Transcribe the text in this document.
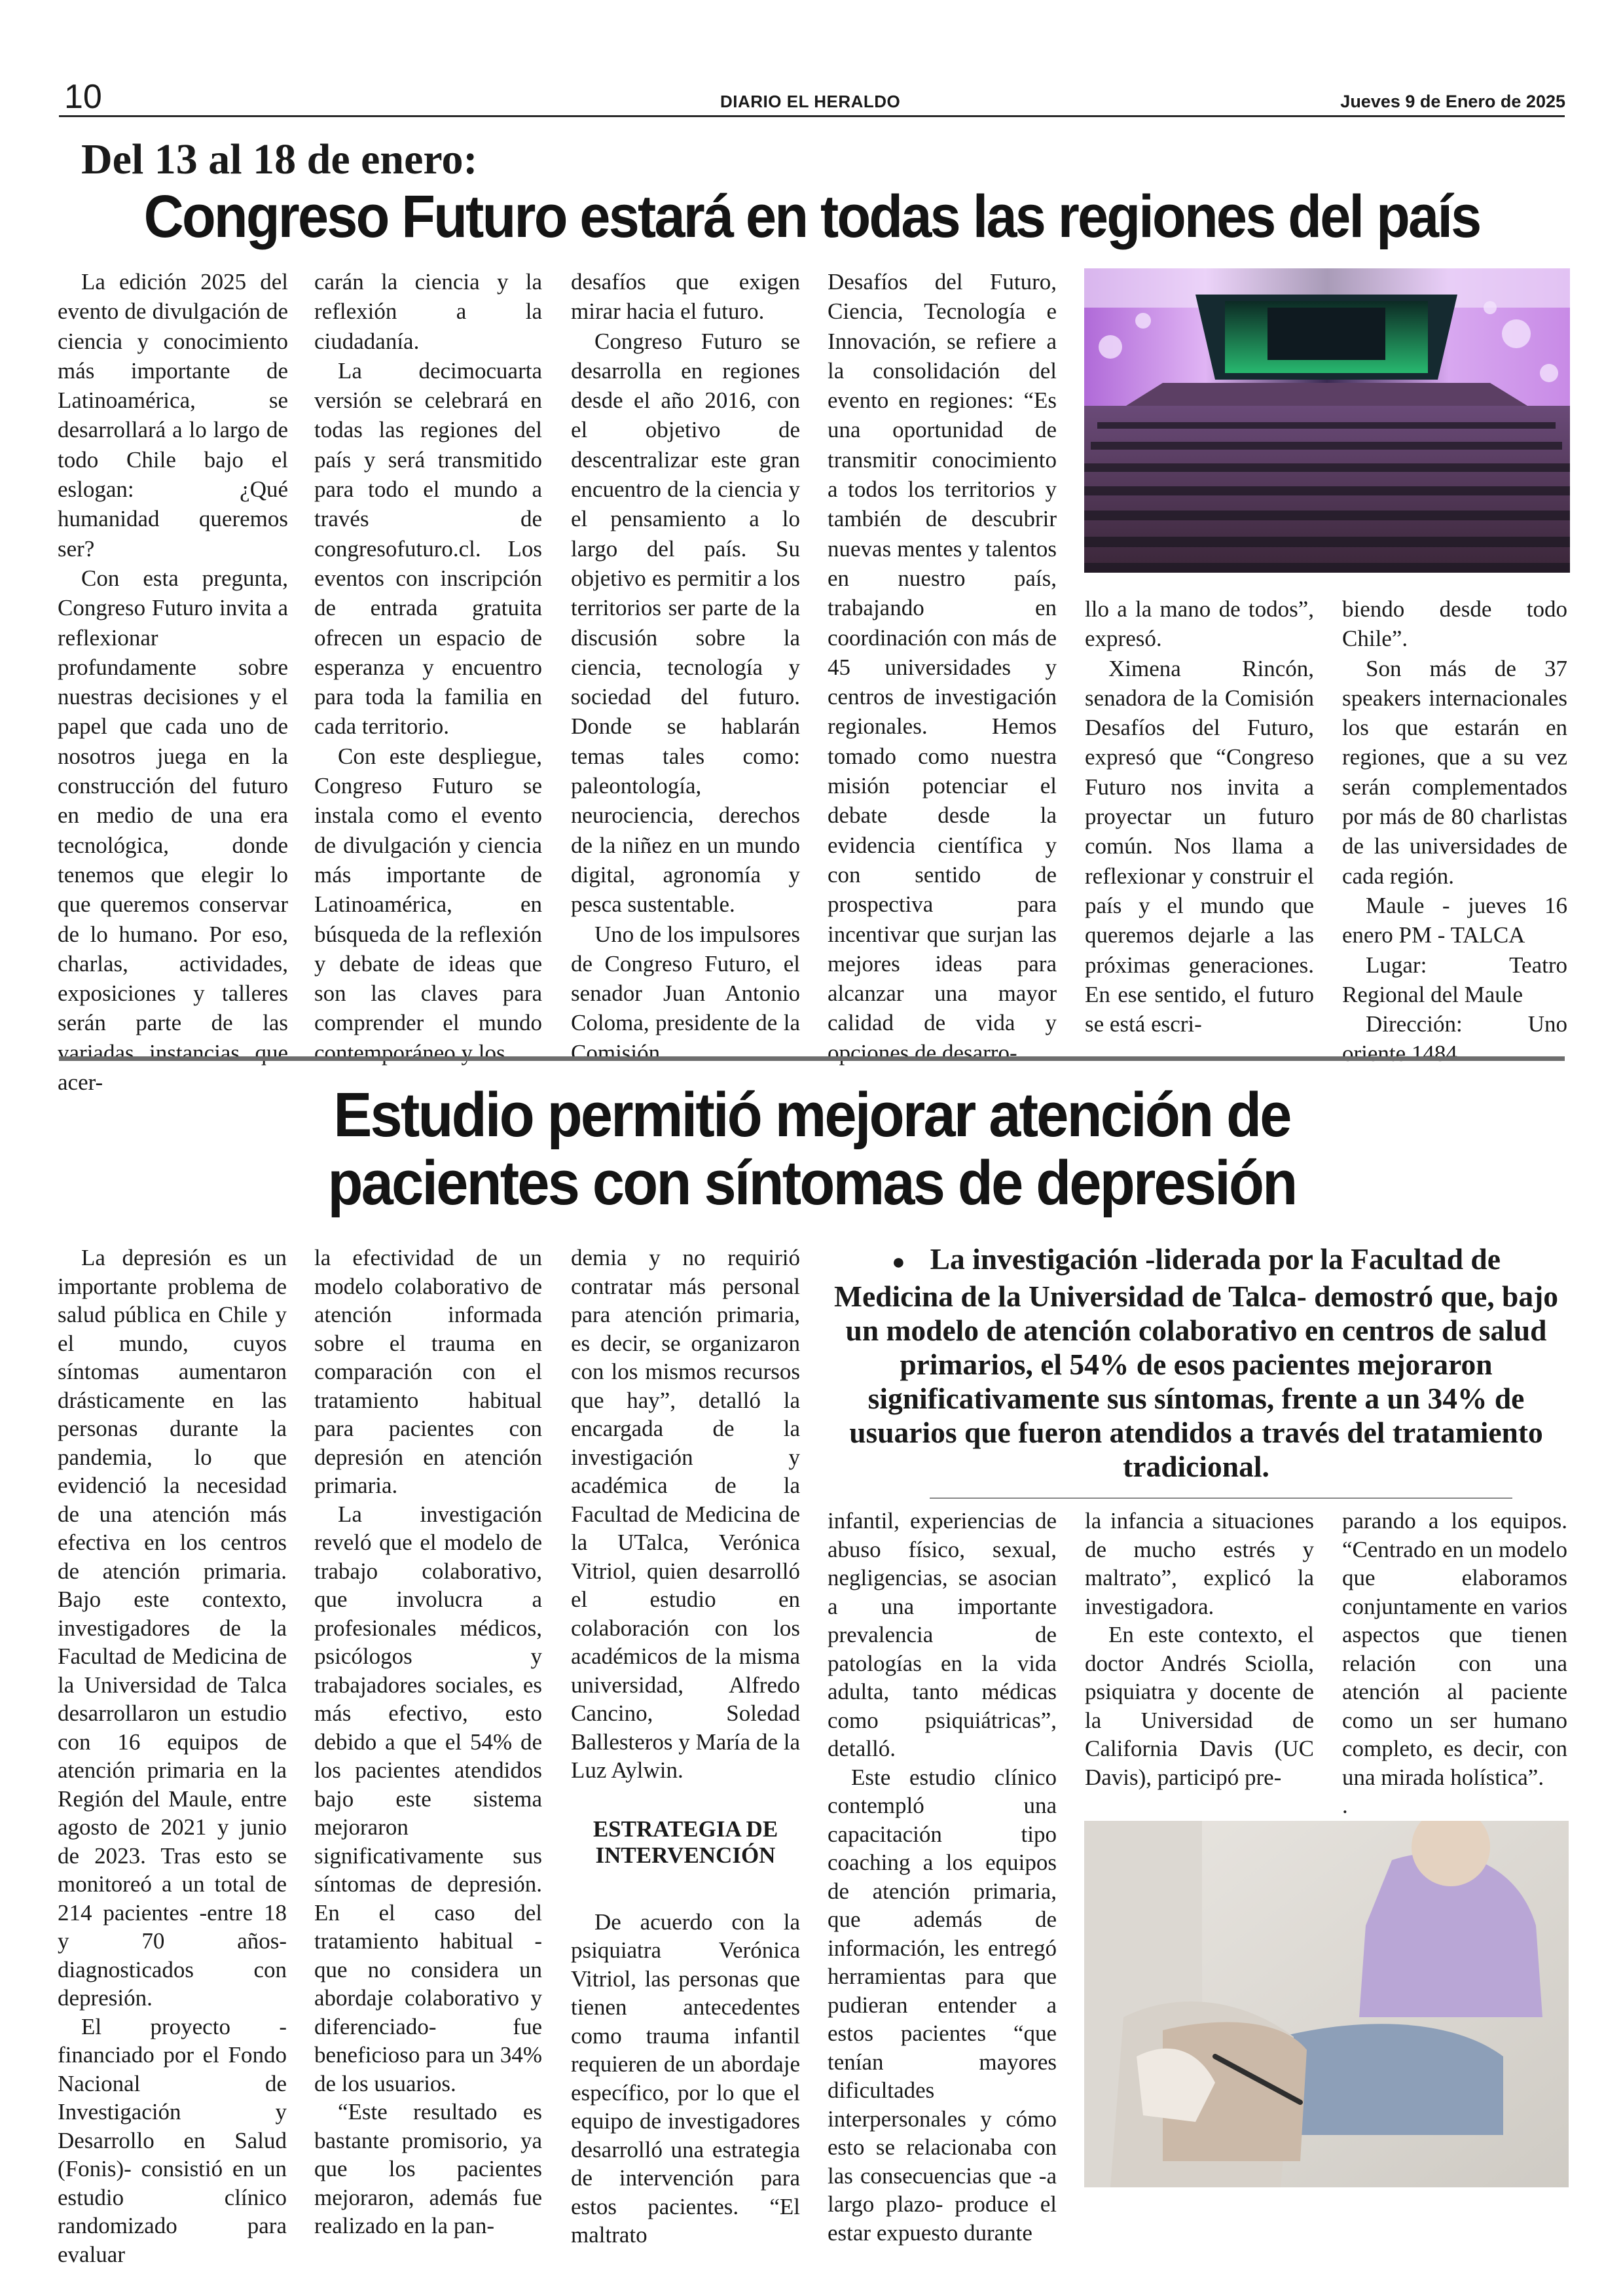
10	DIARIO EL HERALDO	Jueves 9 de Enero de 2025
Del 13 al 18 de enero:
Congreso Futuro estará en todas las regiones del país

La edición 2025 del evento de divulgación de ciencia y conocimiento más importante de Latinoamérica, se desarrollará a lo largo de todo Chile bajo el eslogan: ¿Qué humanidad queremos ser?

Con esta pregunta, Congreso Futuro invita a reflexionar profundamente sobre nuestras decisiones y el papel que cada uno de nosotros juega en la construcción del futuro en medio de una era tecnológica, donde tenemos que elegir lo que queremos conservar de lo humano. Por eso, charlas, actividades, exposiciones y talleres serán parte de las variadas instancias que acer-

carán la ciencia y la reflexión a la ciudadanía.

La decimocuarta versión se celebrará en todas las regiones del país y será transmitido para todo el mundo a través de congresofuturo.cl. Los eventos con inscripción de entrada gratuita ofrecen un espacio de esperanza y encuentro para toda la familia en cada territorio.

Con este despliegue, Congreso Futuro se instala como el evento de divulgación y ciencia más importante de Latinoamérica, en búsqueda de la reflexión y debate de ideas que son las claves para comprender el mundo contemporáneo y los

desafíos que exigen mirar hacia el futuro.

Congreso Futuro se desarrolla en regiones desde el año 2016, con el objetivo de descentralizar este gran encuentro de la ciencia y el pensamiento a lo largo del país. Su objetivo es permitir a los territorios ser parte de la discusión sobre la ciencia, tecnología y sociedad del futuro. Donde se hablarán temas tales como: paleontología, neurociencia, derechos de la niñez en un mundo digital, agronomía y pesca sustentable.

Uno de los impulsores de Congreso Futuro, el senador Juan Antonio Coloma, presidente de la Comisión

Desafíos del Futuro, Ciencia, Tecnología e Innovación, se refiere a la consolidación del evento en regiones: “Es una oportunidad de transmitir conocimiento a todos los territorios y también de descubrir nuevas mentes y talentos en nuestro país, trabajando en coordinación con más de 45 universidades y centros de investigación regionales. Hemos tomado como nuestra misión potenciar el debate desde la evidencia científica y con sentido de prospectiva para incentivar que surjan las mejores ideas para alcanzar una mayor calidad de vida y opciones de desarro-

llo a la mano de todos”, expresó.

Ximena Rincón, senadora de la Comisión Desafíos del Futuro, expresó que “Congreso Futuro nos invita a proyectar un futuro común. Nos llama a reflexionar y construir el país y el mundo que queremos dejarle a las próximas generaciones. En ese sentido, el futuro se está escri-

biendo desde todo Chile”.

Son más de 37 speakers internacionales los que estarán en regiones, que a su vez serán complementados por más de 80 charlistas de las universidades de cada región.

Maule - jueves 16 enero PM - TALCA

Lugar: Teatro Regional del Maule

Dirección: Uno oriente 1484

Estudio permitió mejorar atención de
pacientes con síntomas de depresión
● La investigación -liderada por la Facultad de Medicina de la Universidad de Talca- demostró que, bajo un modelo de atención colaborativo en centros de salud primarios, el 54% de esos pacientes mejoraron significativamente sus síntomas, frente a un 34% de usuarios que fueron atendidos a través del tratamiento tradicional.

La depresión es un importante problema de salud pública en Chile y el mundo, cuyos síntomas aumentaron drásticamente en las personas durante la pandemia, lo que evidenció la necesidad de una atención más efectiva en los centros de atención primaria. Bajo este contexto, investigadores de la Facultad de Medicina de la Universidad de Talca desarrollaron un estudio con 16 equipos de atención primaria en la Región del Maule, entre agosto de 2021 y junio de 2023. Tras esto se monitoreó a un total de 214 pacientes -entre 18 y 70 años- diagnosticados con depresión.

El proyecto - financiado por el Fondo Nacional de Investigación y Desarrollo en Salud (Fonis)- consistió en un estudio clínico randomizado para evaluar

la efectividad de un modelo colaborativo de atención informada sobre el trauma en comparación con el tratamiento habitual para pacientes con depresión en atención primaria.

La investigación reveló que el modelo de trabajo colaborativo, que involucra a profesionales médicos, psicólogos y trabajadores sociales, es más efectivo, esto debido a que el 54% de los pacientes atendidos bajo este sistema mejoraron significativamente sus síntomas de depresión. En el caso del tratamiento habitual -que no considera un abordaje colaborativo y diferenciado- fue beneficioso para un 34% de los usuarios.

“Este resultado es bastante promisorio, ya que los pacientes mejoraron, además fue realizado en la pan-

demia y no requirió contratar más personal para atención primaria, es decir, se organizaron con los mismos recursos que hay”, detalló la encargada de la investigación y académica de la Facultad de Medicina de la UTalca, Verónica Vitriol, quien desarrolló el estudio en colaboración con los académicos de la misma universidad, Alfredo Cancino, Soledad Ballesteros y María de la Luz Aylwin.

ESTRATEGIA DE INTERVENCIÓN

De acuerdo con la psiquiatra Verónica Vitriol, las personas que tienen antecedentes como trauma infantil requieren de un abordaje específico, por lo que el equipo de investigadores desarrolló una estrategia de intervención para estos pacientes. “El maltrato

infantil, experiencias de abuso físico, sexual, negligencias, se asocian a una importante prevalencia de patologías en la vida adulta, tanto médicas como psiquiátricas”, detalló.

Este estudio clínico contempló una capacitación tipo coaching a los equipos de atención primaria, que además de información, les entregó herramientas para que pudieran entender a estos pacientes “que tenían mayores dificultades interpersonales y cómo esto se relacionaba con las consecuencias que -a largo plazo- produce el estar expuesto durante

la infancia a situaciones de mucho estrés y maltrato”, explicó la investigadora.

En este contexto, el doctor Andrés Sciolla, psiquiatra y docente de la Universidad de California Davis (UC Davis), participó pre-

parando a los equipos. “Centrado en un modelo que elaboramos conjuntamente en varios aspectos que tienen relación con una atención al paciente como un ser humano completo, es decir, con una mirada holística”.

.
